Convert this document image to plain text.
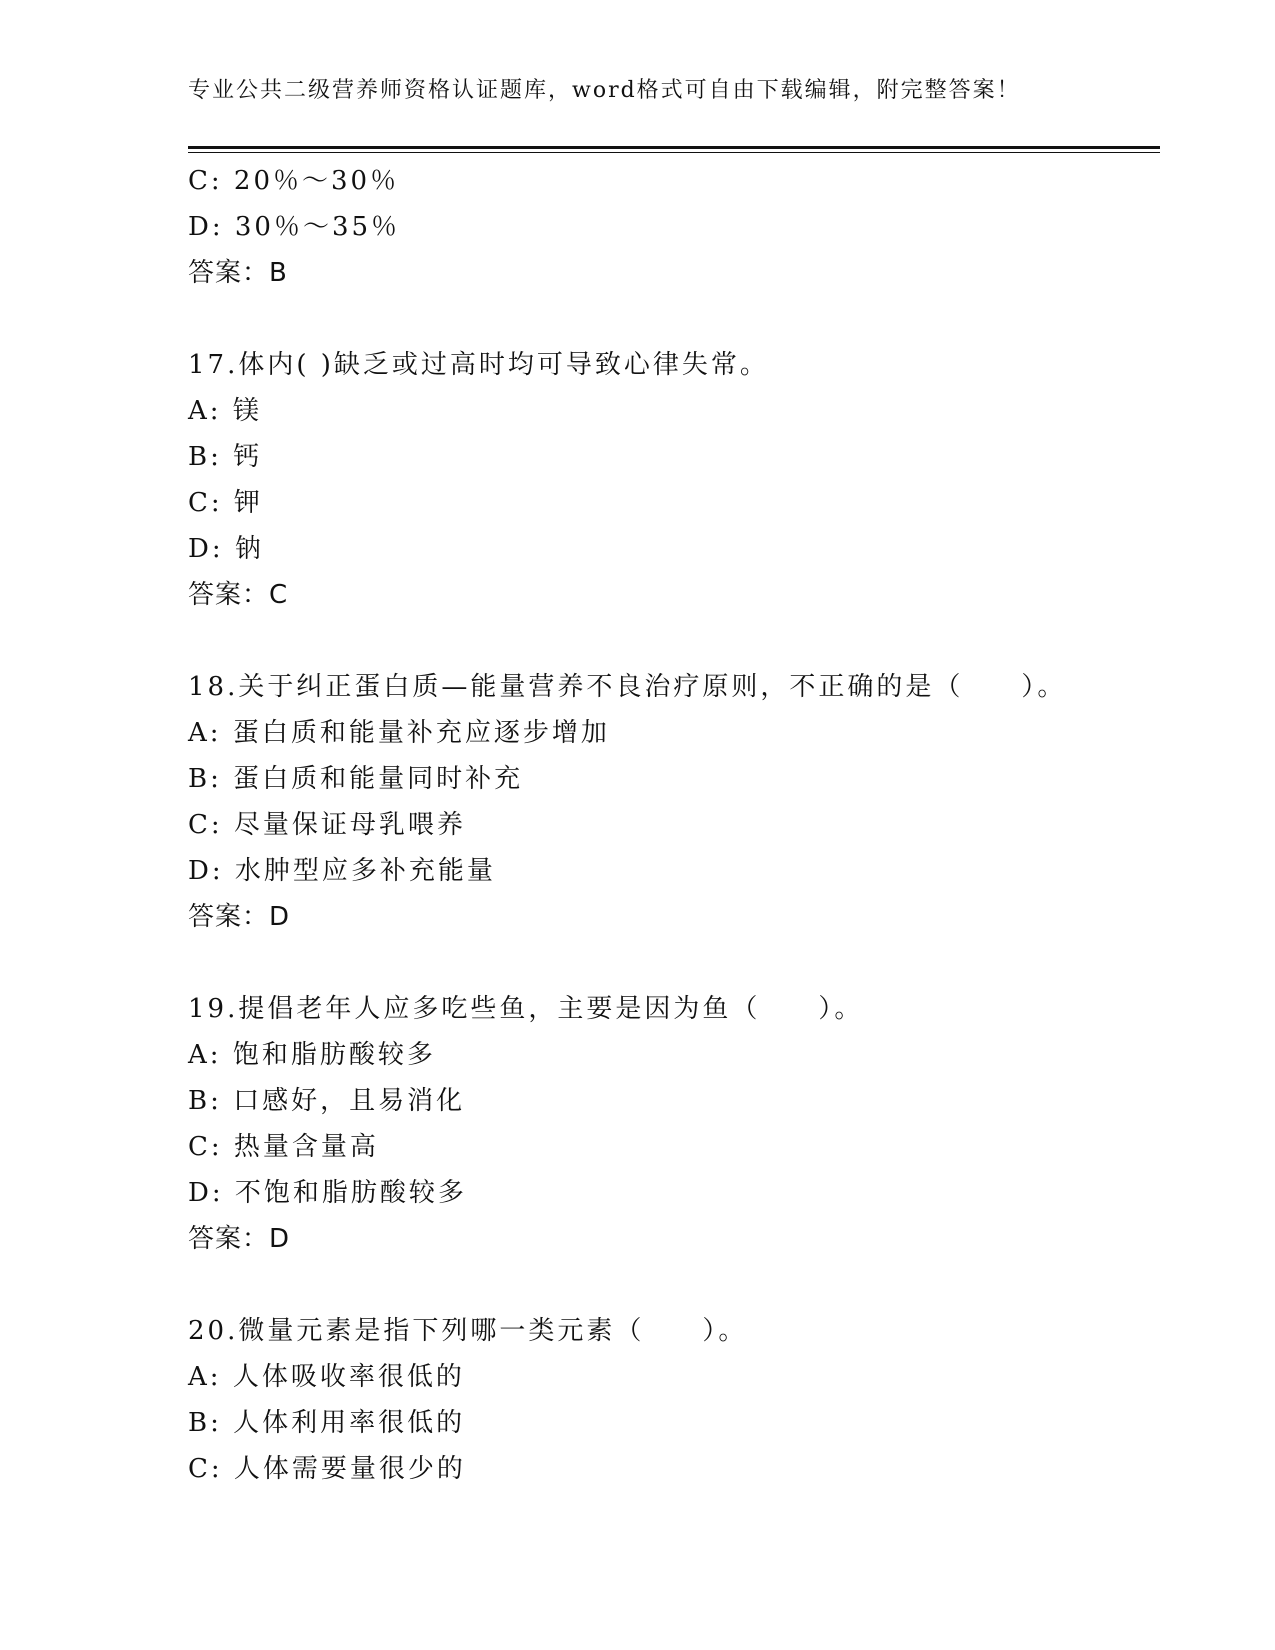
专业公共二级营养师资格认证题库，word格式可自由下载编辑，附完整答案！
C: 20％～30％
D: 30％～35％
答案：B
17.体内( )缺乏或过高时均可导致心律失常。
A: 镁
B: 钙
C: 钾
D: 钠
答案：C
18.关于纠正蛋白质—能量营养不良治疗原则，不正确的是（　　）。
A: 蛋白质和能量补充应逐步增加
B: 蛋白质和能量同时补充
C: 尽量保证母乳喂养
D: 水肿型应多补充能量
答案：D
19.提倡老年人应多吃些鱼，主要是因为鱼（　　）。
A: 饱和脂肪酸较多
B: 口感好，且易消化
C: 热量含量高
D: 不饱和脂肪酸较多
答案：D
20.微量元素是指下列哪一类元素（　　）。
A: 人体吸收率很低的
B: 人体利用率很低的
C: 人体需要量很少的
